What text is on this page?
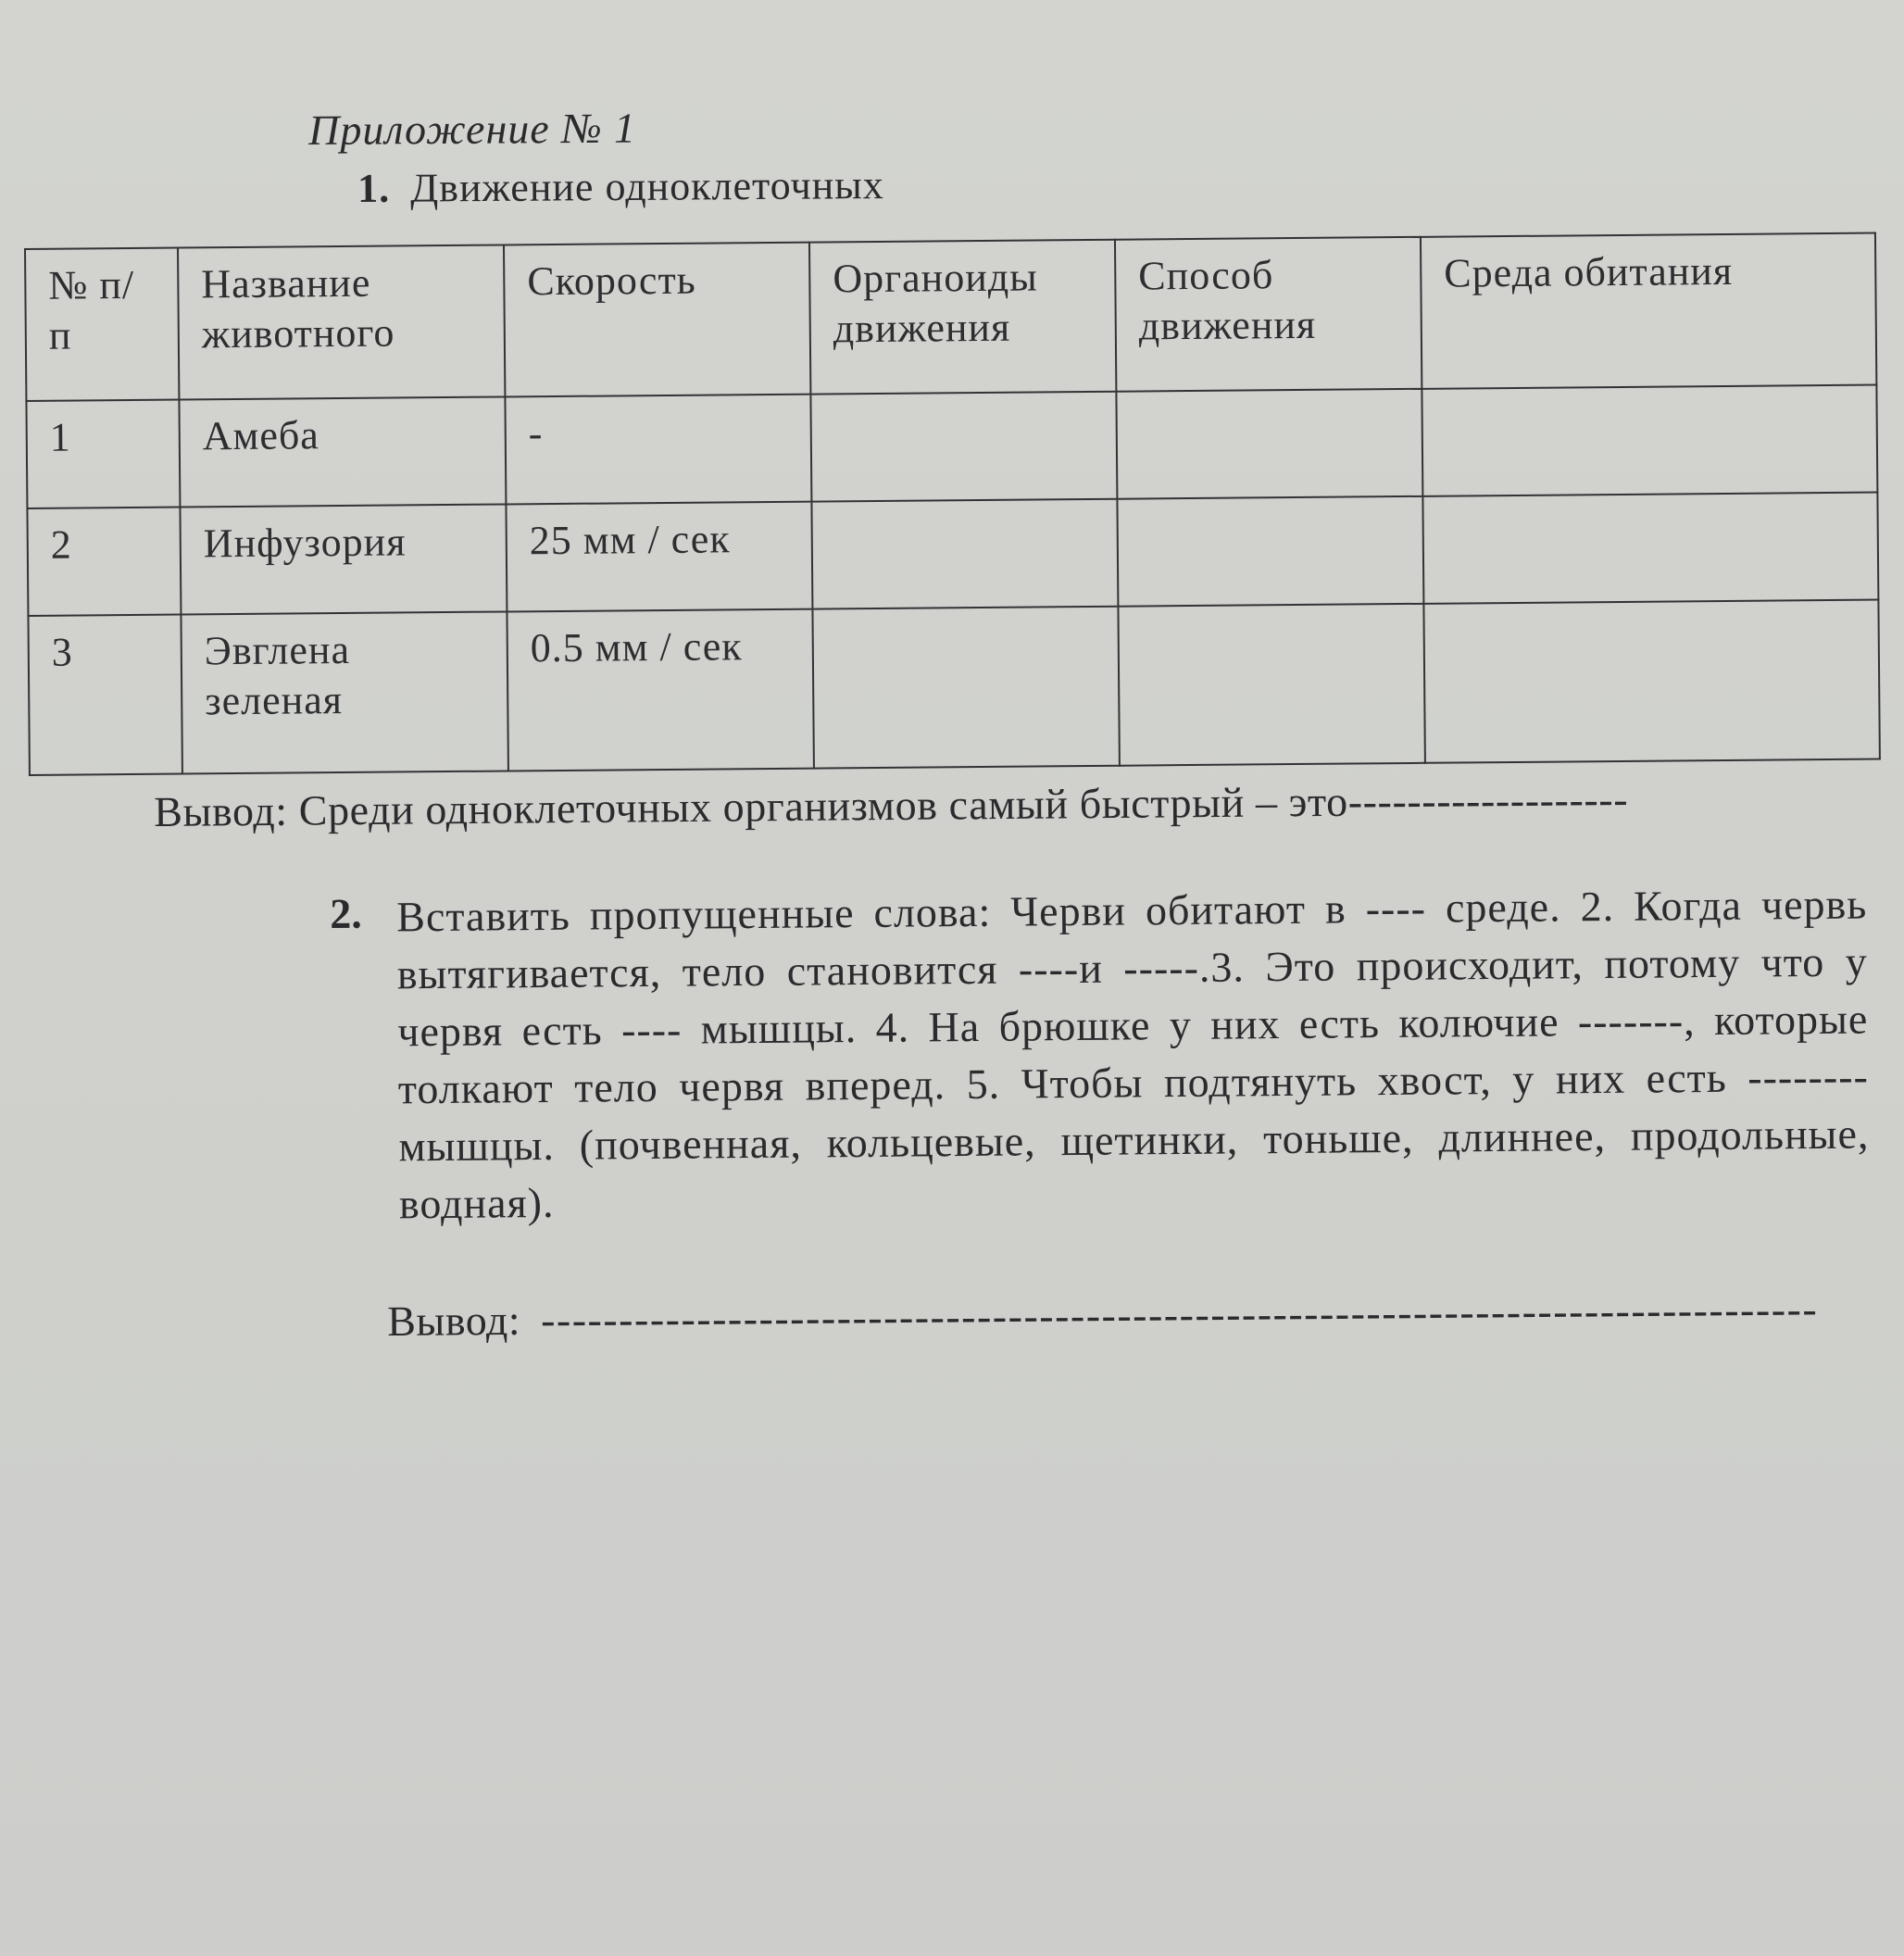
Приложение № 1
1. Движение одноклеточных
№ п/п	Название животного	Скорость	Органоиды движения	Способ движения	Среда обитания
1	Амеба	-			
2	Инфузория	25 мм / сек			
3	Эвглена зеленая	0.5 мм / сек			
Вывод: Среди одноклеточных организмов самый быстрый – это-------------------
2. Вставить пропущенные слова: Черви обитают в ---- среде. 2. Когда червь вытягивается, тело становится ----и -----.3. Это происходит, потому что у червя есть ---- мышцы. 4. На брюшке у них есть колючие -------, которые толкают тело червя вперед. 5. Чтобы подтянуть хвост, у них есть -------- мышцы. (почвенная, кольцевые, щетинки, тоньше, длиннее, продольные, водная).
Вывод: ----------------------------------------------------------------------------------
